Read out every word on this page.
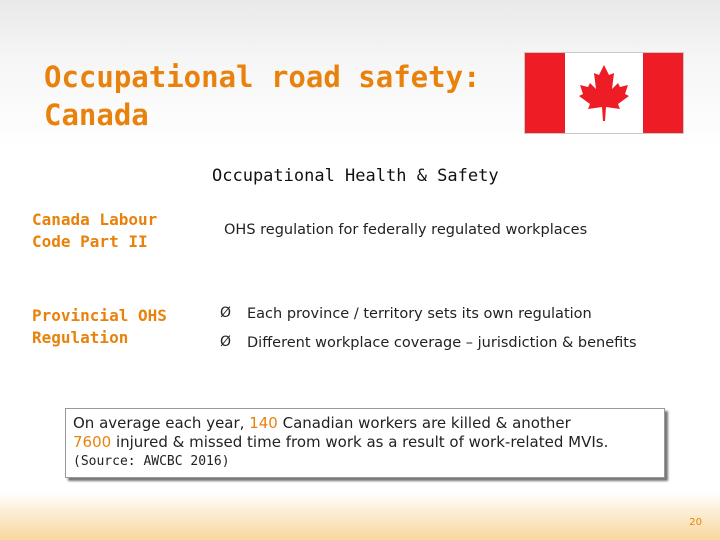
Occupational road safety:
Canada
Occupational Health & Safety
Canada Labour
Code Part II
OHS regulation for federally regulated workplaces
Provincial OHS
Regulation
Ø Each province / territory sets its own regulation
Ø Different workplace coverage – jurisdiction & benefits
On average each year, 140 Canadian workers are killed & another
7600 injured & missed time from work as a result of work-related MVIs.
(Source: AWCBC 2016)
20
